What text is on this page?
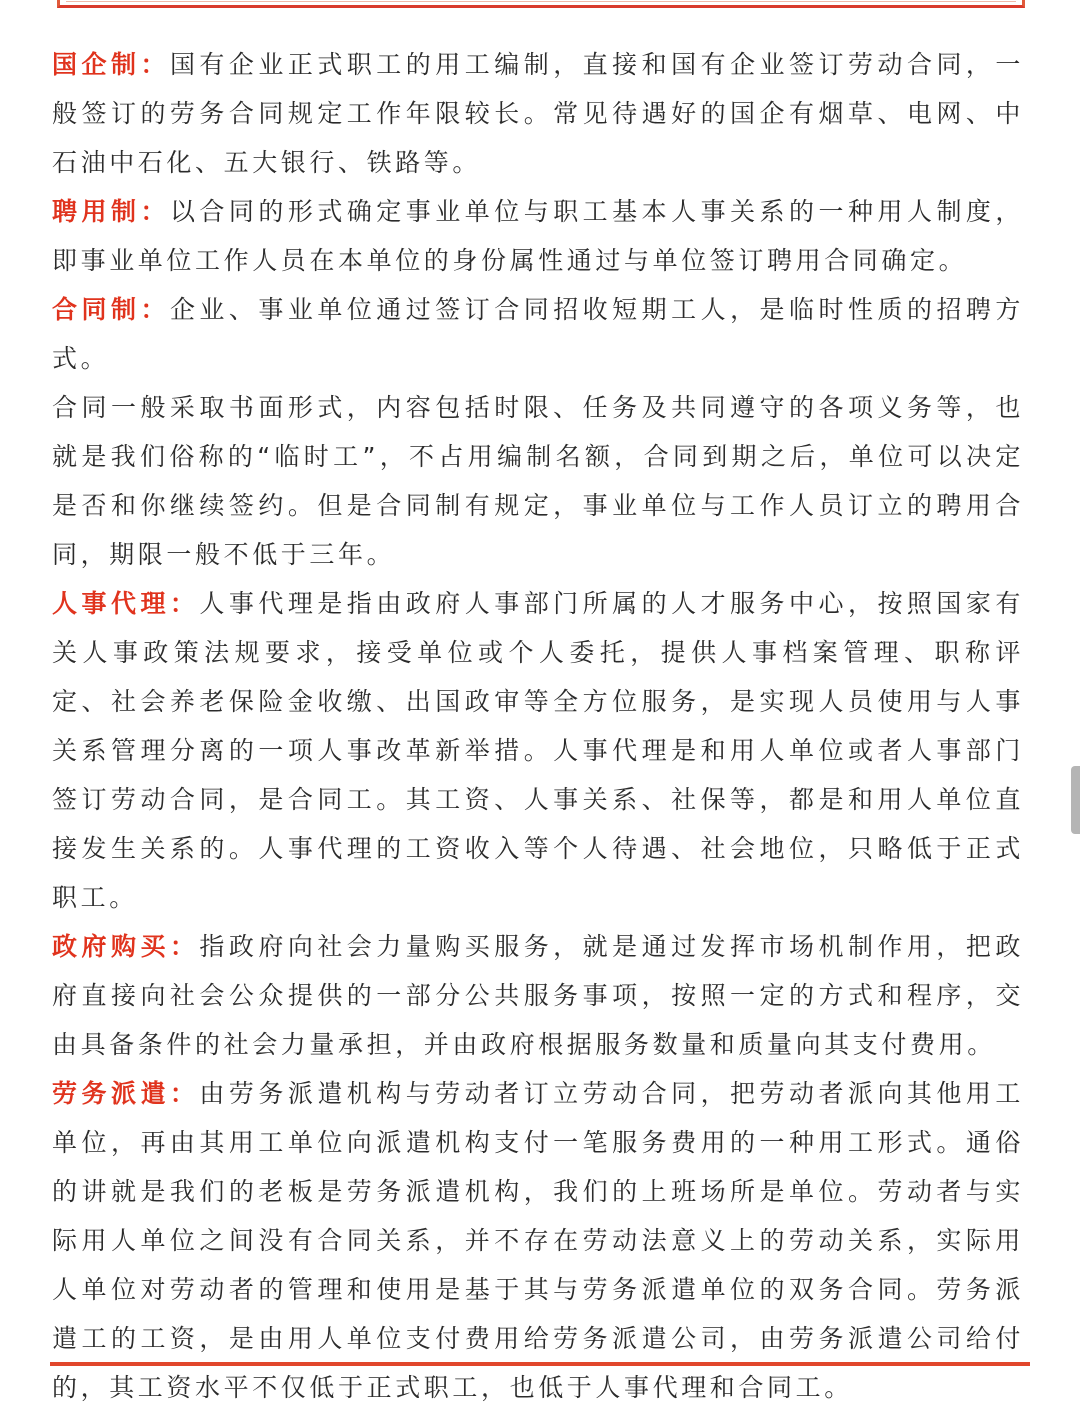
国企制：国有企业正式职工的用工编制，直接和国有企业签订劳动合同，一般签订的劳务合同规定工作年限较长。常见待遇好的国企有烟草、电网、中石油中石化、五大银行、铁路等。

聘用制：以合同的形式确定事业单位与职工基本人事关系的一种用人制度，即事业单位工作人员在本单位的身份属性通过与单位签订聘用合同确定。

合同制：企业、事业单位通过签订合同招收短期工人，是临时性质的招聘方式。

合同一般采取书面形式，内容包括时限、任务及共同遵守的各项义务等，也就是我们俗称的“临时工”，不占用编制名额，合同到期之后，单位可以决定是否和你继续签约。但是合同制有规定，事业单位与工作人员订立的聘用合同，期限一般不低于三年。

人事代理：人事代理是指由政府人事部门所属的人才服务中心，按照国家有关人事政策法规要求，接受单位或个人委托，提供人事档案管理、职称评定、社会养老保险金收缴、出国政审等全方位服务，是实现人员使用与人事关系管理分离的一项人事改革新举措。人事代理是和用人单位或者人事部门签订劳动合同，是合同工。其工资、人事关系、社保等，都是和用人单位直接发生关系的。人事代理的工资收入等个人待遇、社会地位，只略低于正式职工。

政府购买：指政府向社会力量购买服务，就是通过发挥市场机制作用，把政府直接向社会公众提供的一部分公共服务事项，按照一定的方式和程序，交由具备条件的社会力量承担，并由政府根据服务数量和质量向其支付费用。

劳务派遣：由劳务派遣机构与劳动者订立劳动合同，把劳动者派向其他用工单位，再由其用工单位向派遣机构支付一笔服务费用的一种用工形式。通俗的讲就是我们的老板是劳务派遣机构，我们的上班场所是单位。劳动者与实际用人单位之间没有合同关系，并不存在劳动法意义上的劳动关系，实际用人单位对劳动者的管理和使用是基于其与劳务派遣单位的双务合同。劳务派遣工的工资，是由用人单位支付费用给劳务派遣公司，由劳务派遣公司给付的，其工资水平不仅低于正式职工，也低于人事代理和合同工。
